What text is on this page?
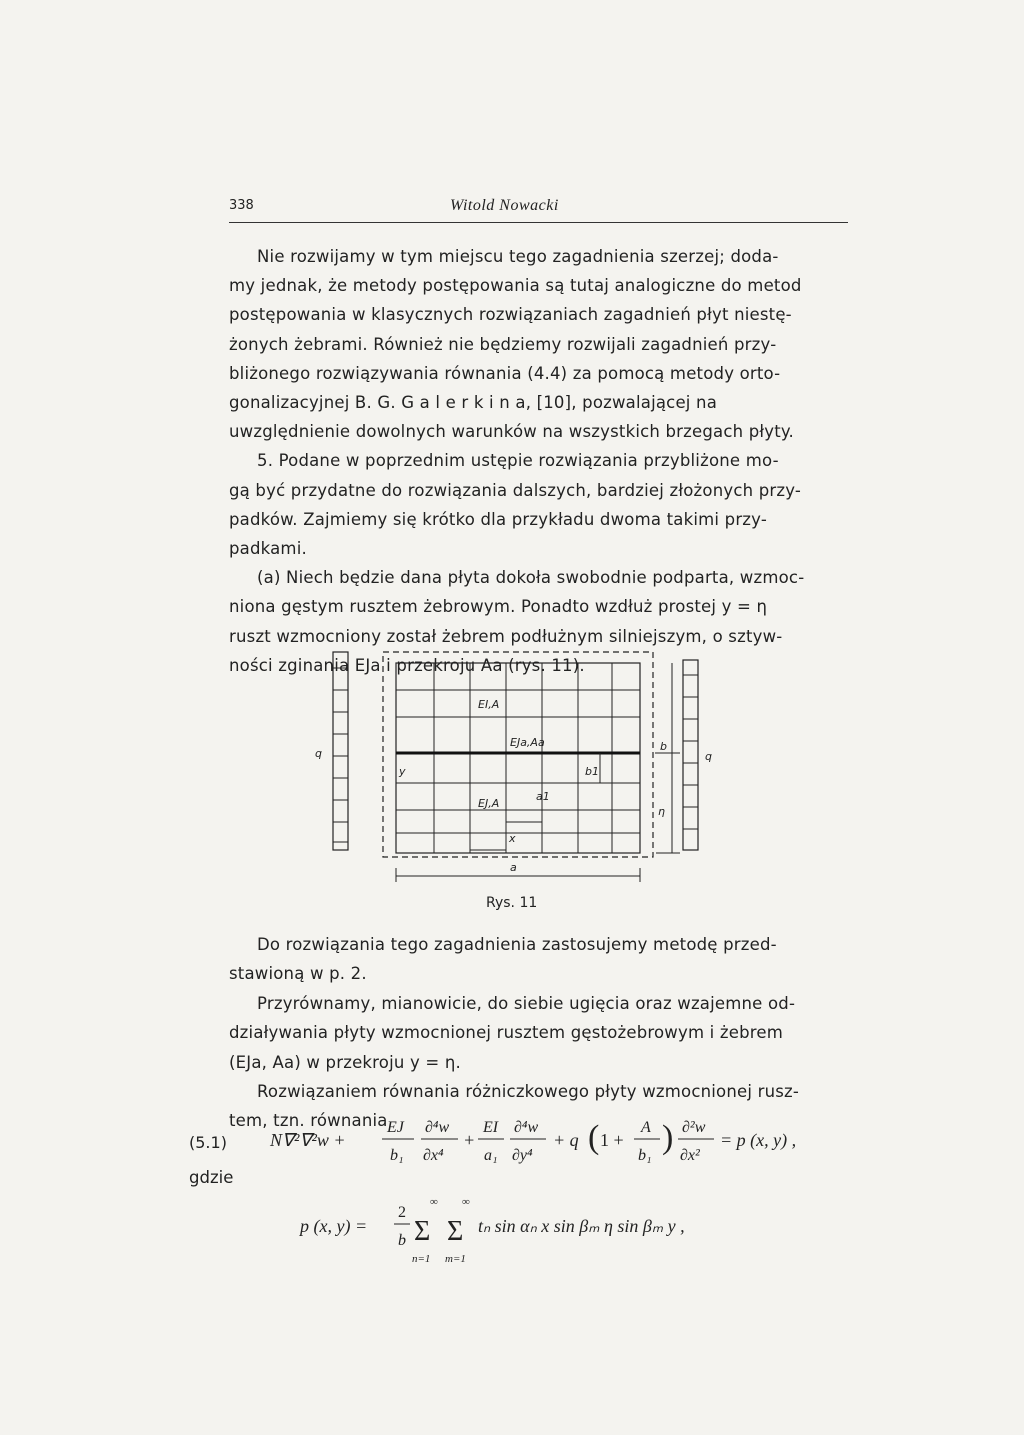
338	Witold Nowacki
Nie rozwijamy w tym miejscu tego zagadnienia szerzej; doda-
my jednak, że metody postępowania są tutaj analogiczne do metod
postępowania w klasycznych rozwiązaniach zagadnień płyt niestę-
żonych żebrami. Również nie będziemy rozwijali zagadnień przy-
bliżonego rozwiązywania równania (4.4) za pomocą metody orto-
gonalizacyjnej B. G. G a l e r k i n a, [10], pozwalającej na
uwzględnienie dowolnych warunków na wszystkich brzegach płyty.
5. Podane w poprzednim ustępie rozwiązania przybliżone mo-
gą być przydatne do rozwiązania dalszych, bardziej złożonych przy-
padków. Zajmiemy się krótko dla przykładu dwoma takimi przy-
padkami.
(a) Niech będzie dana płyta dokoła swobodnie podparta, wzmoc-
niona gęstym rusztem żebrowym. Ponadto wzdłuż prostej y = η
ruszt wzmocniony został żebrem podłużnym silniejszym, o sztyw-
ności zginania EJa i przekroju Aa (rys. 11).
EI,A
EJa,Aa
EJ,A
a1
b1
b
η
y
x
a
q	q
Rys. 11
Do rozwiązania tego zagadnienia zastosujemy metodę przed-
stawioną w p. 2.
Przyrównamy, mianowicie, do siebie ugięcia oraz wzajemne od-
działywania płyty wzmocnionej rusztem gęstożebrowym i żebrem
(EJa, Aa) w przekroju y = η.
Rozwiązaniem równania różniczkowego płyty wzmocnionej rusz-
tem, tzn. równania
(5.1) N∇²∇²w +
EJ
b₁
∂⁴w
∂x⁴
+
EI
a₁
∂⁴w
∂y⁴
+ q ( 1 +
A
b₁ ) ∂²w
∂x²
= p (x, y) ,
gdzie
p (x, y) =
2
b Σ
∞
n=1
Σ
∞
m=1
tₙ sin αₙ x sin βₘ η sin βₘ y ,
